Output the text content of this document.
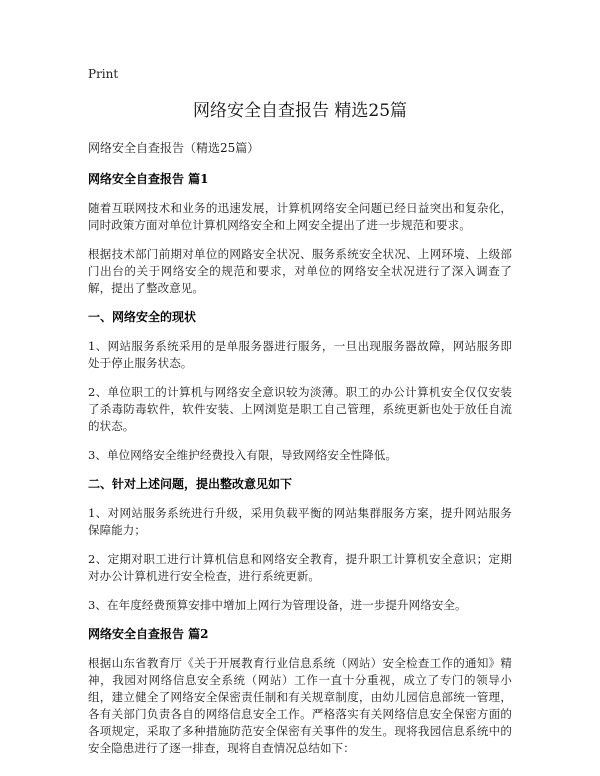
Print
网络安全自查报告 精选25篇

网络安全自查报告（精选25篇）

网络安全自查报告 篇1

随着互联网技术和业务的迅速发展，计算机网络安全问题已经日益突出和复杂化，同时政策方面对单位计算机网络安全和上网安全提出了进一步规范和要求。

根据技术部门前期对单位的网路安全状况、服务系统安全状况、上网环境、上级部门出台的关于网络安全的规范和要求，对单位的网络安全状况进行了深入调查了解，提出了整改意见。

一、网络安全的现状

1、网站服务系统采用的是单服务器进行服务，一旦出现服务器故障，网站服务即处于停止服务状态。

2、单位职工的计算机与网络安全意识较为淡薄。职工的办公计算机安全仅仅安装了杀毒防毒软件，软件安装、上网浏览是职工自己管理，系统更新也处于放任自流的状态。

3、单位网络安全维护经费投入有限，导致网络安全性降低。

二、针对上述问题，提出整改意见如下

1、对网站服务系统进行升级，采用负载平衡的网站集群服务方案，提升网站服务保障能力；

2、定期对职工进行计算机信息和网络安全教育，提升职工计算机安全意识；定期对办公计算机进行安全检查，进行系统更新。

3、在年度经费预算安排中增加上网行为管理设备，进一步提升网络安全。

网络安全自查报告 篇2

根据山东省教育厅《关于开展教育行业信息系统（网站）安全检查工作的通知》精神，我园对网络信息安全系统（网站）工作一直十分重视，成立了专门的领导小组，建立健全了网络安全保密责任制和有关规章制度，由幼儿园信息部统一管理，各有关部门负责各自的网络信息安全工作。严格落实有关网络信息安全保密方面的各项规定，采取了多种措施防范安全保密有关事件的发生。现将我园信息系统中的安全隐患进行了逐一排查，现将自查情况总结如下：
